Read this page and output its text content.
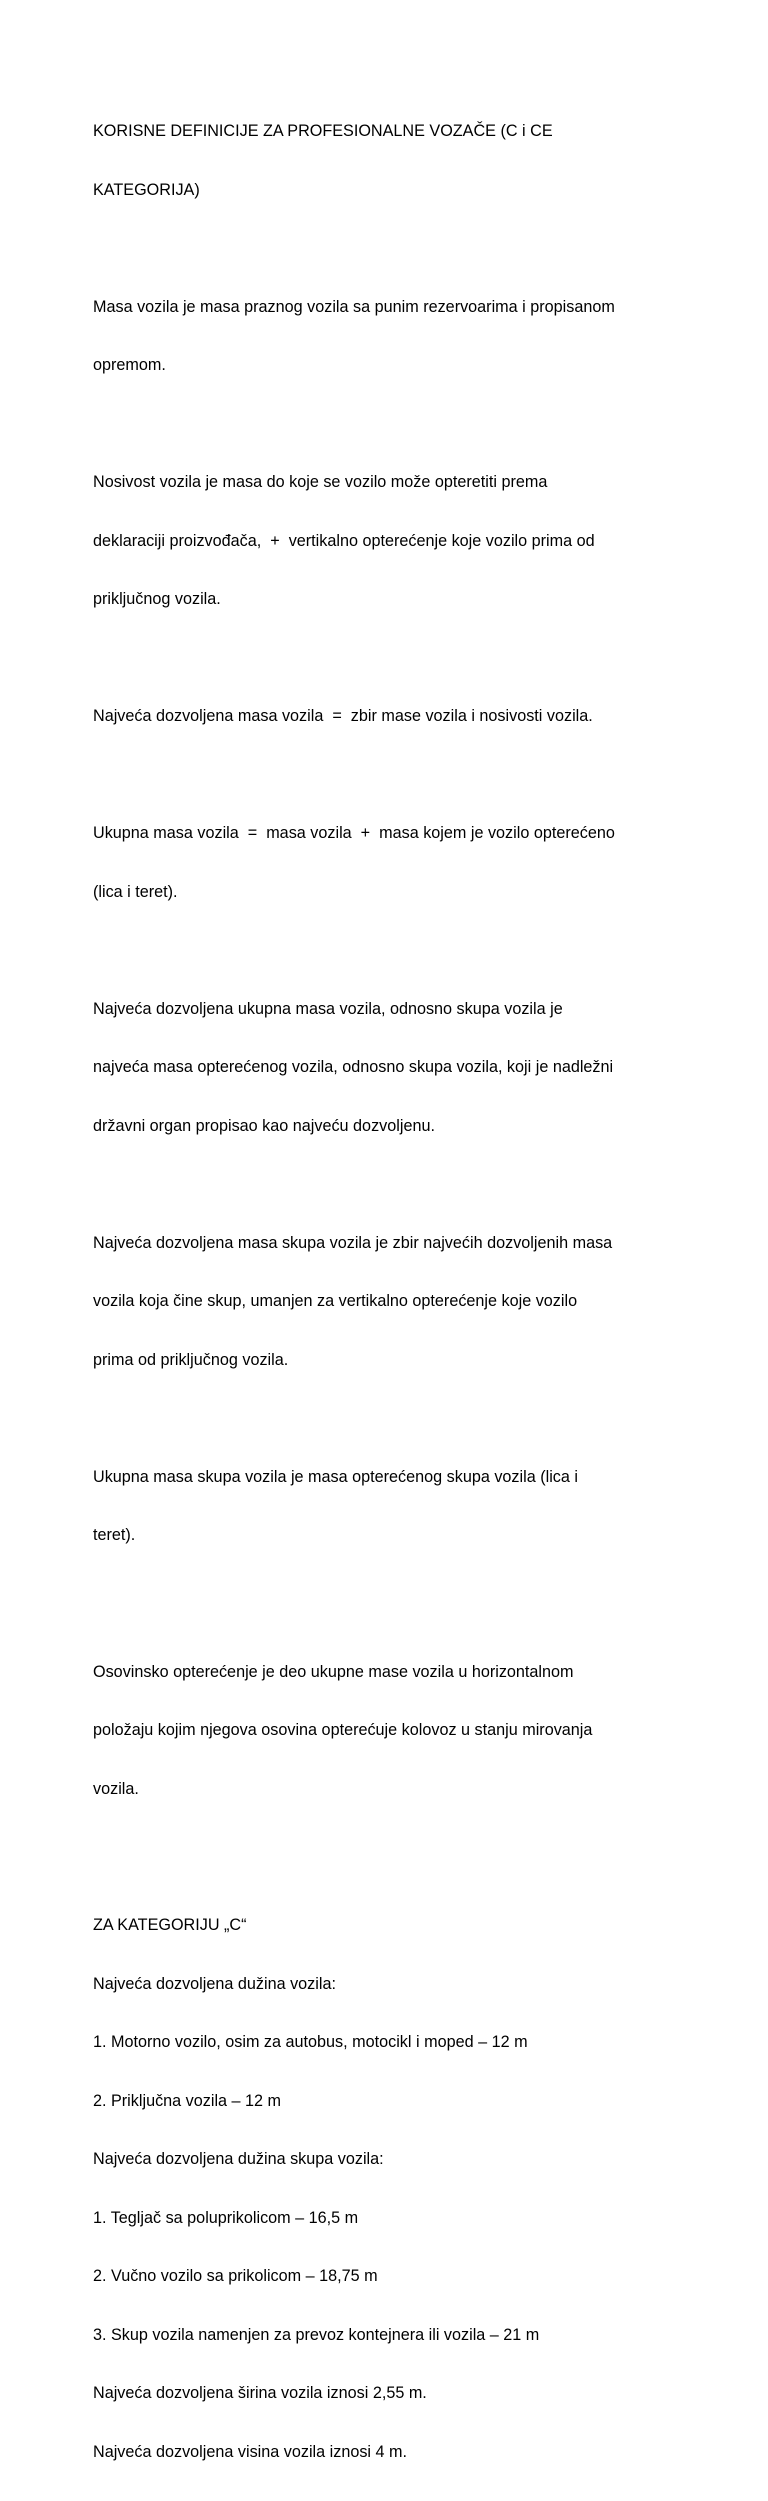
KORISNE DEFINICIJE ZA PROFESIONALNE VOZAČE (C i CE

KATEGORIJA)

Masa vozila je masa praznog vozila sa punim rezervoarima i propisanom

opremom.

Nosivost vozila je masa do koje se vozilo može opteretiti prema

deklaraciji proizvođača,  +  vertikalno opterećenje koje vozilo prima od

priključnog vozila.

Najveća dozvoljena masa vozila  =  zbir mase vozila i nosivosti vozila.

Ukupna masa vozila  =  masa vozila  +  masa kojem je vozilo opterećeno

(lica i teret).

Najveća dozvoljena ukupna masa vozila, odnosno skupa vozila je

najveća masa opterećenog vozila, odnosno skupa vozila, koji je nadležni

državni organ propisao kao najveću dozvoljenu.

Najveća dozvoljena masa skupa vozila je zbir najvećih dozvoljenih masa

vozila koja čine skup, umanjen za vertikalno opterećenje koje vozilo

prima od priključnog vozila.

Ukupna masa skupa vozila je masa opterećenog skupa vozila (lica i

teret).

Osovinsko opterećenje je deo ukupne mase vozila u horizontalnom

položaju kojim njegova osovina opterećuje kolovoz u stanju mirovanja

vozila.

ZA KATEGORIJU „C“

Najveća dozvoljena dužina vozila:

1. Motorno vozilo, osim za autobus, motocikl i moped – 12 m

2. Priključna vozila – 12 m

Najveća dozvoljena dužina skupa vozila:

1. Tegljač sa poluprikolicom – 16,5 m

2. Vučno vozilo sa prikolicom – 18,75 m

3. Skup vozila namenjen za prevoz kontejnera ili vozila – 21 m

Najveća dozvoljena širina vozila iznosi 2,55 m.

Najveća dozvoljena visina vozila iznosi 4 m.
